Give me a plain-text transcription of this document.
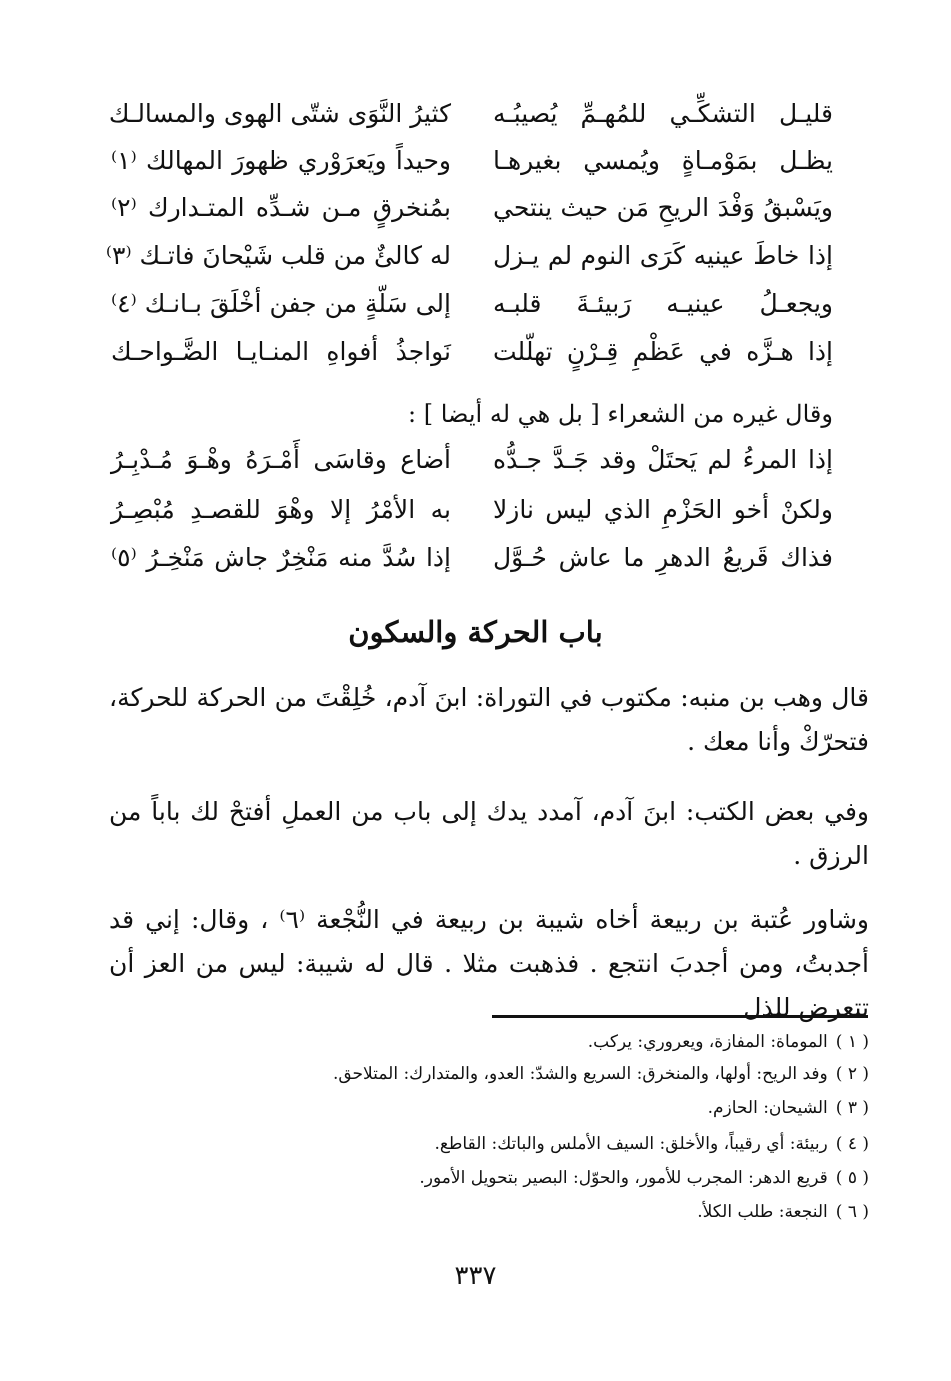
قليـل التشكِّـي للمُهـمِّ يُصيبُـه
كثيرُ النَّوَى شتّى الهوى والمسالـك
يظـل بمَوْمـاةٍ ويُمسي بغيرهـا
وحيداً ويَعرَوْري ظهورَ المهالك ⁽١⁾
ويَسْبقُ وَفْدَ الريحِ مَن حيث ينتحي
بمُنخرقٍ مـن شـدِّه المتـدارك ⁽٢⁾
إذا خاطَ عينيه كَرَى النوم لم يـزل
له كالئٌ من قلب شَيْحانَ فاتـك ⁽٣⁾
ويجعـلُ عينيـه رَبيئـةَ قلبـه
إلى سَلّةٍ من جفن أخْلَقَ بـانـك ⁽٤⁾
إذا هـزَّه في عَظْمِ قِـرْنٍ تهلّلت
نَواجذُ أفواهِ المنـايـا الضَّـواحـك
وقال غيره من الشعراء [ بل هي له أيضا ] :
إذا المرءُ لم يَحتَلْ وقد جَـدَّ جـدُّه
أضاع وقاسَى أَمْـرَهُ وهْـوَ مُـدْبِـرُ
ولكنْ أخو الحَزْمِ الذي ليس نازلا
به الأمْرُ إلا وهْوَ للقصـدِ مُبْصِـرُ
فذاك قَريعُ الدهرِ ما عاش حُـوَّل
إذا سُدَّ منه مَنْخِرٌ جاش مَنْخِـرُ ⁽٥⁾
باب الحركة والسكون
قال وهب بن منبه: مكتوب في التوراة: ابنَ آدم، خُلِقْتَ من الحركة للحركة، فتحرّكْ وأنا معك .
وفي بعض الكتب: ابنَ آدم، آمدد يدك إلى باب من العملِ أفتحْ لك باباً من الرزق .
وشاور عُتبة بن ربيعة أخاه شيبة بن ربيعة في النُّجْعة ⁽٦⁾ ، وقال: إني قد أجدبتُ، ومن أجدبَ انتجع . فذهبت مثلا . قال له شيبة: ليس من العز أن تتعرض للذل
( ١ )الموماة: المفازة، ويعروري: يركب.
( ٢ )وفد الريح: أولها، والمنخرق: السريع والشدّ: العدو، والمتدارك: المتلاحق.
( ٣ )الشيحان: الحازم.
( ٤ )ربيئة: أي رقيباً، والأخلق: السيف الأملس والباتك: القاطع.
( ٥ )قريع الدهر: المجرب للأمور، والحوّل: البصير بتحويل الأمور.
( ٦ )النجعة: طلب الكلأ.
٣٣٧
